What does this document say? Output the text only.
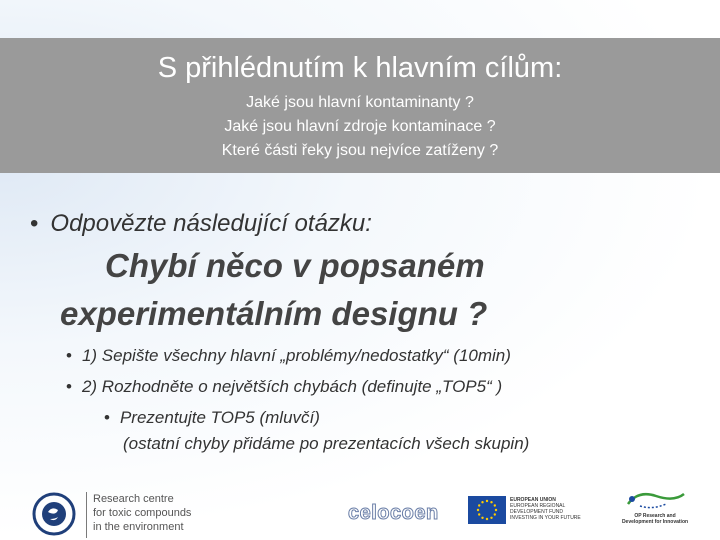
S přihlédnutím k hlavním cílům:
Jaké jsou hlavní kontaminanty ?
Jaké jsou hlavní zdroje kontaminace ?
Které části řeky jsou nejvíce zatíženy ?
• Odpovězte následující otázku:
Chybí něco v popsaném
experimentálním designu ?
• 1) Sepište všechny hlavní „problémy/nedostatky“ (10min)
• 2) Rozhodněte o největších chybách (definujte „TOP5“ )
• Prezentujte TOP5 (mluvčí)
(ostatní chyby přidáme po prezentacích všech skupin)
Research centre
for toxic compounds
in the environment
celocoen
EUROPEAN UNION
EUROPEAN REGIONAL DEVELOPMENT FUND
INVESTING IN YOUR FUTURE	OP Research and
Development for Innovation
